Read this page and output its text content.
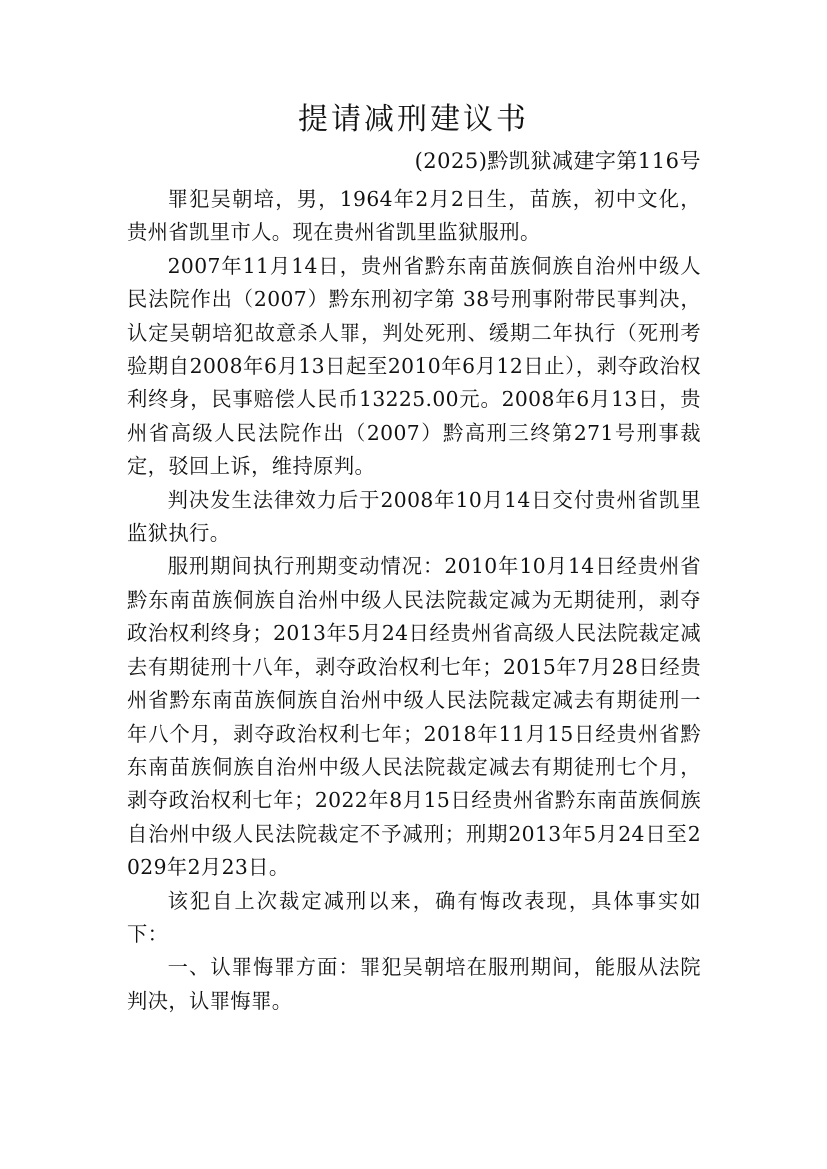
提请减刑建议书
(2025)黔凯狱减建字第116号

罪犯吴朝培，男，1964年2月2日生，苗族，初中文化，贵州省凯里市人。现在贵州省凯里监狱服刑。

2007年11月14日，贵州省黔东南苗族侗族自治州中级人民法院作出（2007）黔东刑初字第 38号刑事附带民事判决，认定吴朝培犯故意杀人罪，判处死刑、缓期二年执行（死刑考验期自2008年6月13日起至2010年6月12日止），剥夺政治权利终身，民事赔偿人民币13225.00元。2008年6月13日，贵州省高级人民法院作出（2007）黔高刑三终第271号刑事裁定，驳回上诉，维持原判。

判决发生法律效力后于2008年10月14日交付贵州省凯里监狱执行。

服刑期间执行刑期变动情况：2010年10月14日经贵州省黔东南苗族侗族自治州中级人民法院裁定减为无期徒刑，剥夺政治权利终身；2013年5月24日经贵州省高级人民法院裁定减去有期徒刑十八年，剥夺政治权利七年；2015年7月28日经贵州省黔东南苗族侗族自治州中级人民法院裁定减去有期徒刑一年八个月，剥夺政治权利七年；2018年11月15日经贵州省黔东南苗族侗族自治州中级人民法院裁定减去有期徒刑七个月，剥夺政治权利七年；2022年8月15日经贵州省黔东南苗族侗族自治州中级人民法院裁定不予减刑；刑期2013年5月24日至2029年2月23日。

该犯自上次裁定减刑以来，确有悔改表现，具体事实如下：

一、认罪悔罪方面：罪犯吴朝培在服刑期间，能服从法院判决，认罪悔罪。
